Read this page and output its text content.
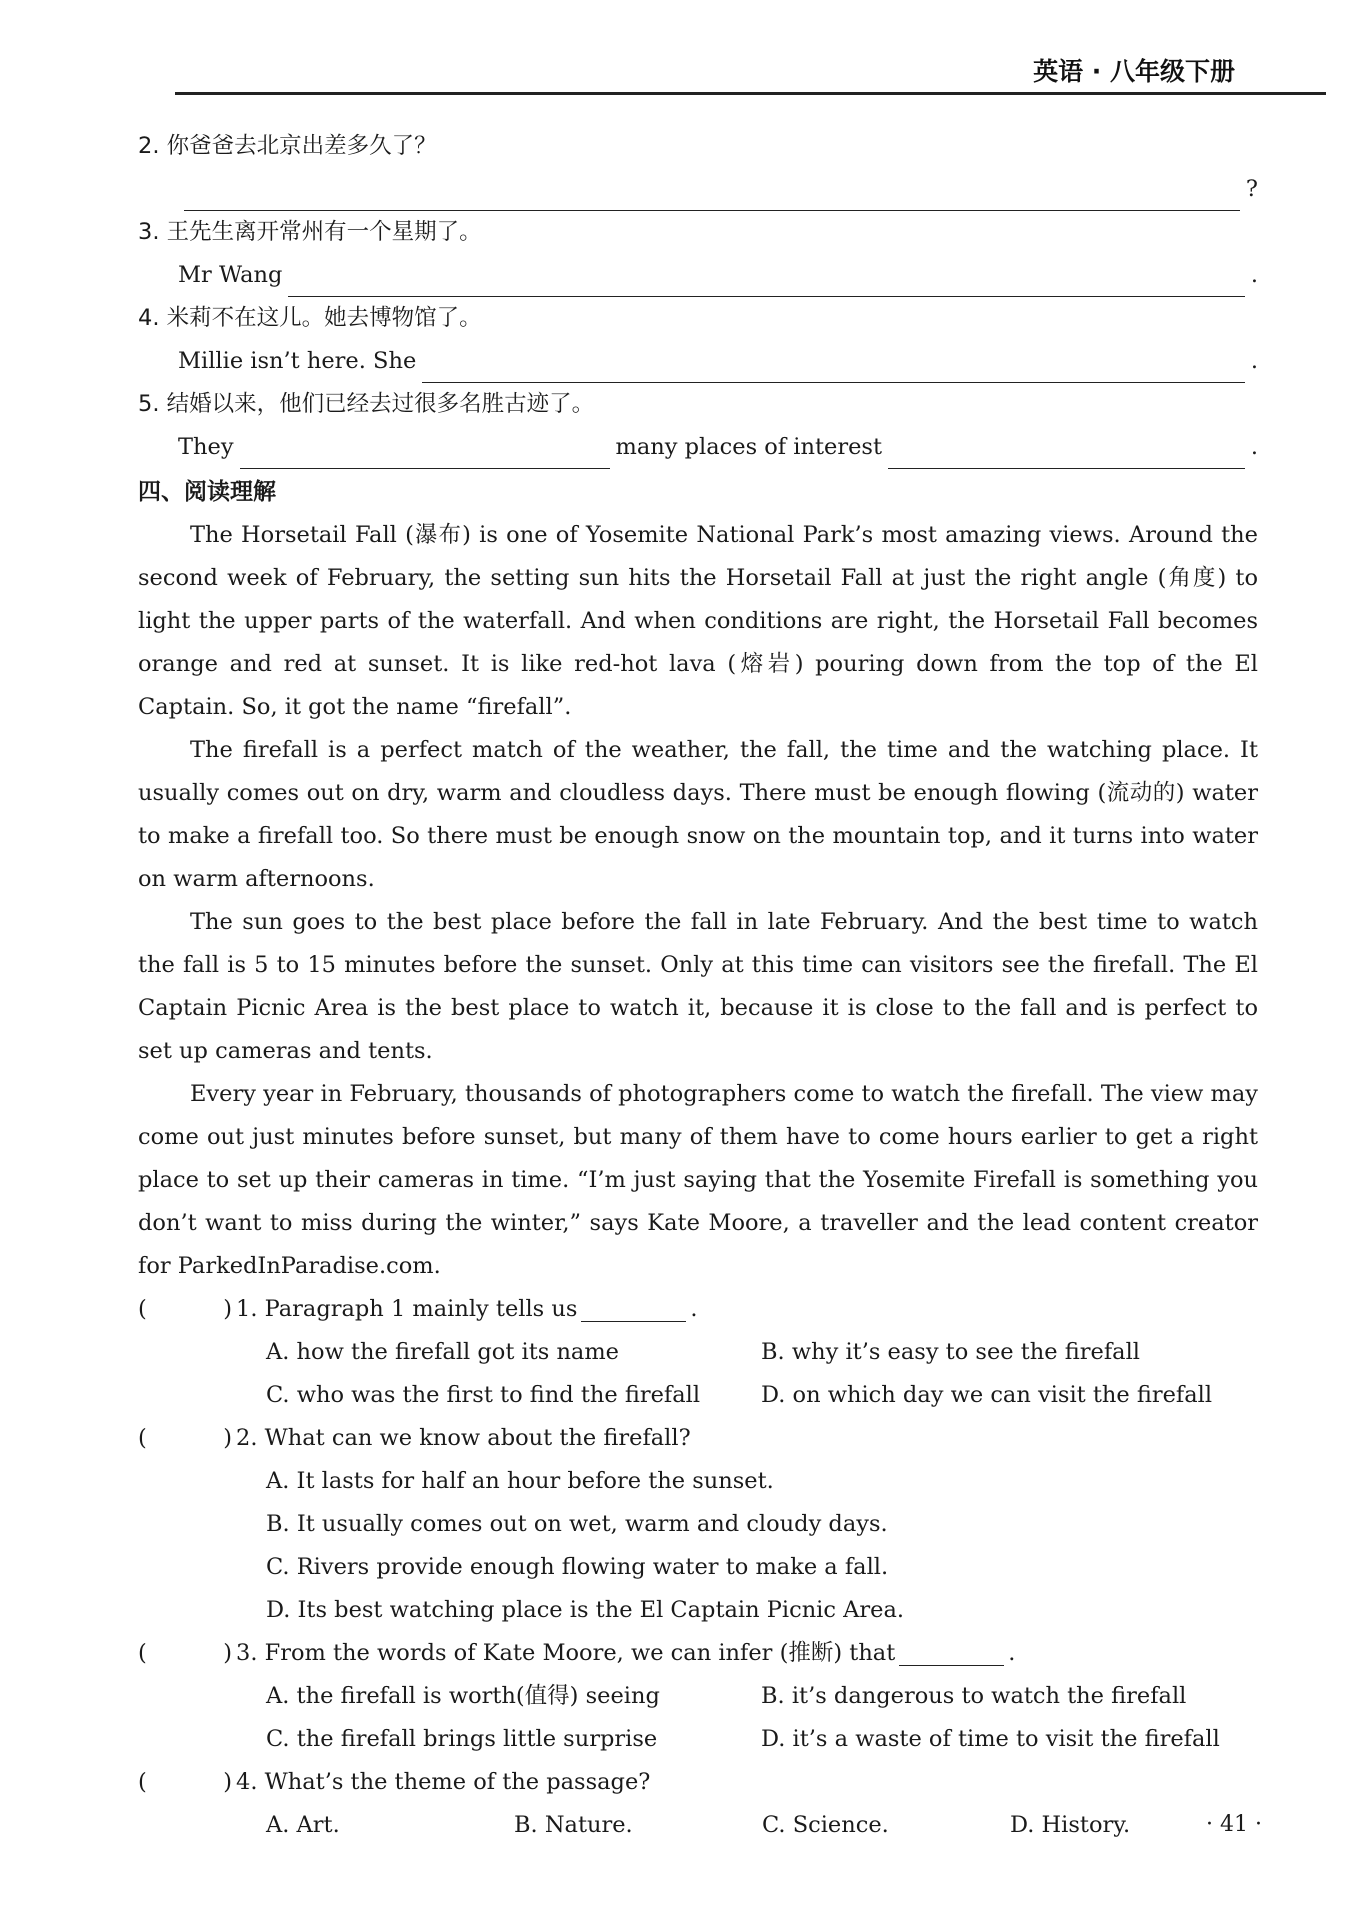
英语 · 八年级下册
2. 你爸爸去北京出差多久了？
?
3. 王先生离开常州有一个星期了。
Mr Wang	.
4. 米莉不在这儿。她去博物馆了。
Millie isn’t here. She	.
5. 结婚以来，他们已经去过很多名胜古迹了。
They	many places of interest	.
四、阅读理解

The Horsetail Fall (瀑布) is one of Yosemite National Park’s most amazing views. Around the second week of February, the setting sun hits the Horsetail Fall at just the right angle (角度) to light the upper parts of the waterfall. And when conditions are right, the Horsetail Fall becomes orange and red at sunset. It is like red-hot lava (熔岩) pouring down from the top of the El Captain. So, it got the name “firefall”.

The firefall is a perfect match of the weather, the fall, the time and the watching place. It usually comes out on dry, warm and cloudless days. There must be enough flowing (流动的) water to make a firefall too. So there must be enough snow on the mountain top, and it turns into water on warm afternoons.

The sun goes to the best place before the fall in late February. And the best time to watch the fall is 5 to 15 minutes before the sunset. Only at this time can visitors see the firefall. The El Captain Picnic Area is the best place to watch it, because it is close to the fall and is perfect to set up cameras and tents.

Every year in February, thousands of photographers come to watch the firefall. The view may come out just minutes before sunset, but many of them have to come hours earlier to get a right place to set up their cameras in time. “I’m just saying that the Yosemite Firefall is something you don’t want to miss during the winter,” says Kate Moore, a traveller and the lead content creator for ParkedInParadise.com.

(	) 1. Paragraph 1 mainly tells us	.
A. how the firefall got its name	B. why it’s easy to see the firefall
C. who was the first to find the firefall	D. on which day we can visit the firefall
(	) 2. What can we know about the firefall?
A. It lasts for half an hour before the sunset.
B. It usually comes out on wet, warm and cloudy days.
C. Rivers provide enough flowing water to make a fall.
D. Its best watching place is the El Captain Picnic Area.
(	) 3. From the words of Kate Moore, we can infer (推断) that	.
A. the firefall is worth(值得) seeing	B. it’s dangerous to watch the firefall
C. the firefall brings little surprise	D. it’s a waste of time to visit the firefall
(	) 4. What’s the theme of the passage?
A. Art.	B. Nature.	C. Science.	D. History.	· 41 ·
